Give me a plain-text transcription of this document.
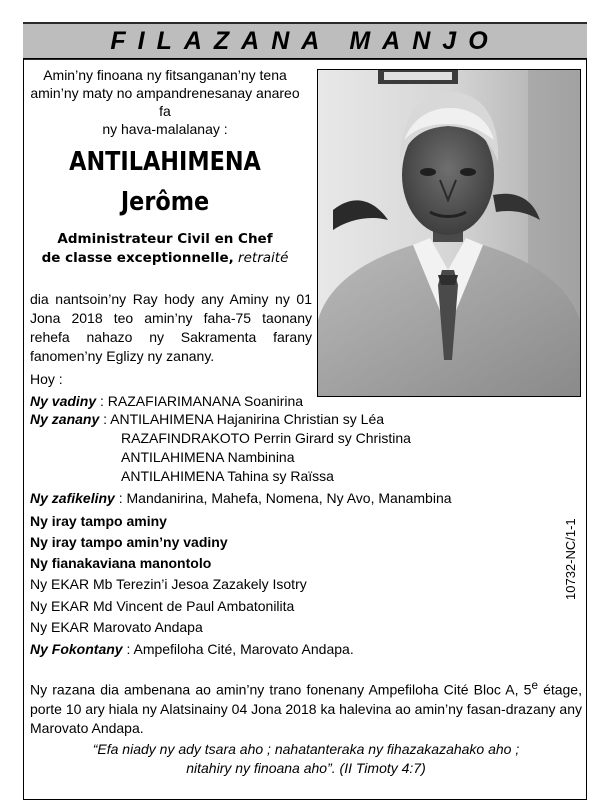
FILAZANA MANJO
Amin’ny finoana ny fitsanganan’ny tena
amin’ny maty no ampandrenesanay anareo fa
ny hava-malalanay :
ANTILAHIMENA
Jerôme
Administrateur Civil en Chef
de classe exceptionnelle, retraité
dia nantsoin’ny Ray hody any Aminy ny 01 Jona 2018 teo amin’ny faha-75 taonany rehefa nahazo ny Sakramenta farany fanomen’ny Eglizy ny zanany.
Hoy :
Ny vadiny : RAZAFIARIMANANA Soanirina
Ny zanany : ANTILAHIMENA Hajanirina Christian sy Léa
RAZAFINDRAKOTO Perrin Girard sy Christina
ANTILAHIMENA Nambinina
ANTILAHIMENA Tahina sy Raïssa
Ny zafikeliny : Mandanirina, Mahefa, Nomena, Ny Avo, Manambina
Ny iray tampo aminy
Ny iray tampo amin’ny vadiny
Ny fianakaviana manontolo
Ny EKAR Mb Terezin’i Jesoa Zazakely Isotry
Ny EKAR Md Vincent de Paul Ambatonilita
Ny EKAR Marovato Andapa
Ny Fokontany : Ampefiloha Cité, Marovato Andapa.
10732-NC/1-1
Ny razana dia ambenana ao amin’ny trano fonenany Ampefiloha Cité Bloc A, 5e étage, porte 10 ary hiala ny Alatsinainy 04 Jona 2018 ka halevina ao amin’ny fasan-drazany any Marovato Andapa.
“Efa niady ny ady tsara aho ; nahatanteraka ny fihazakazahako aho ;
nitahiry ny finoana aho”. (II Timoty 4:7)
